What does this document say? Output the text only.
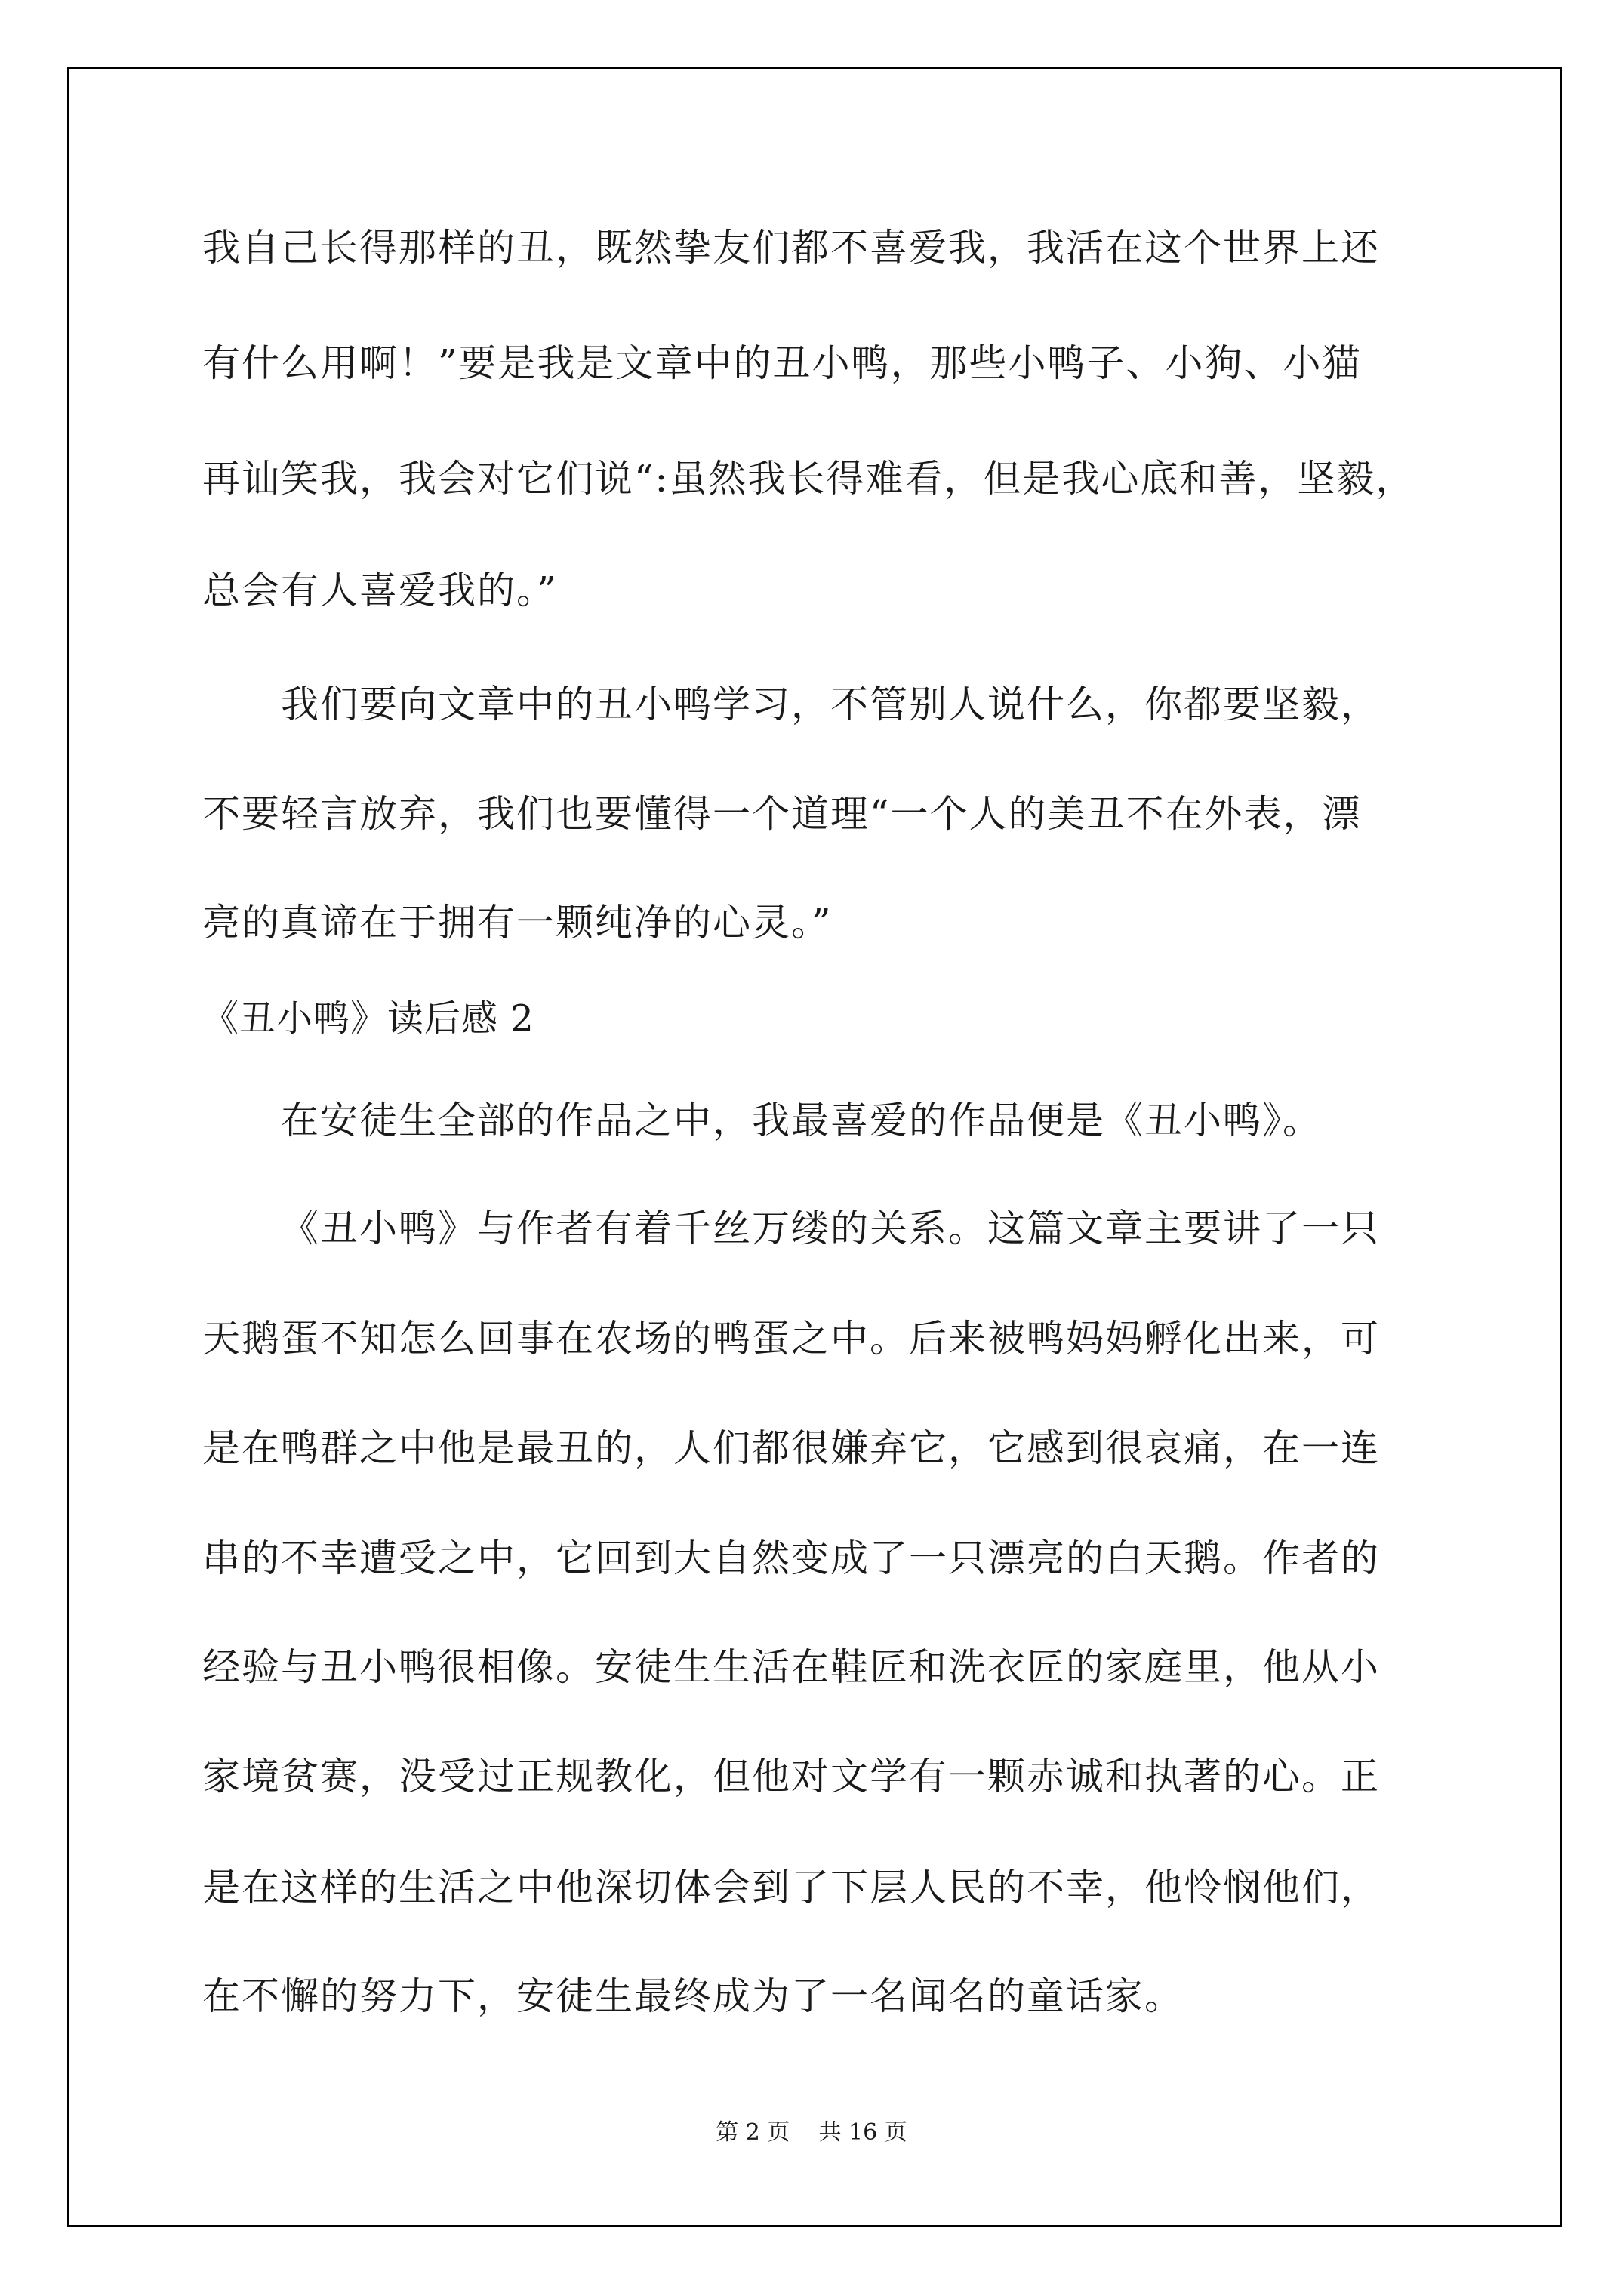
我自己长得那样的丑，既然挚友们都不喜爱我，我活在这个世界上还
有什么用啊！”要是我是文章中的丑小鸭，那些小鸭子、小狗、小猫
再讪笑我，我会对它们说“:虽然我长得难看，但是我心底和善，坚毅，
总会有人喜爱我的。”
我们要向文章中的丑小鸭学习，不管别人说什么，你都要坚毅，
不要轻言放弃，我们也要懂得一个道理“一个人的美丑不在外表，漂
亮的真谛在于拥有一颗纯净的心灵。”
《丑小鸭》读后感 2
在安徒生全部的作品之中，我最喜爱的作品便是《丑小鸭》。
《丑小鸭》与作者有着千丝万缕的关系。这篇文章主要讲了一只
天鹅蛋不知怎么回事在农场的鸭蛋之中。后来被鸭妈妈孵化出来，可
是在鸭群之中他是最丑的，人们都很嫌弃它，它感到很哀痛，在一连
串的不幸遭受之中，它回到大自然变成了一只漂亮的白天鹅。作者的
经验与丑小鸭很相像。安徒生生活在鞋匠和洗衣匠的家庭里，他从小
家境贫赛，没受过正规教化，但他对文学有一颗赤诚和执著的心。正
是在这样的生活之中他深切体会到了下层人民的不幸，他怜悯他们，
在不懈的努力下，安徒生最终成为了一名闻名的童话家。
第 2 页    共 16 页
